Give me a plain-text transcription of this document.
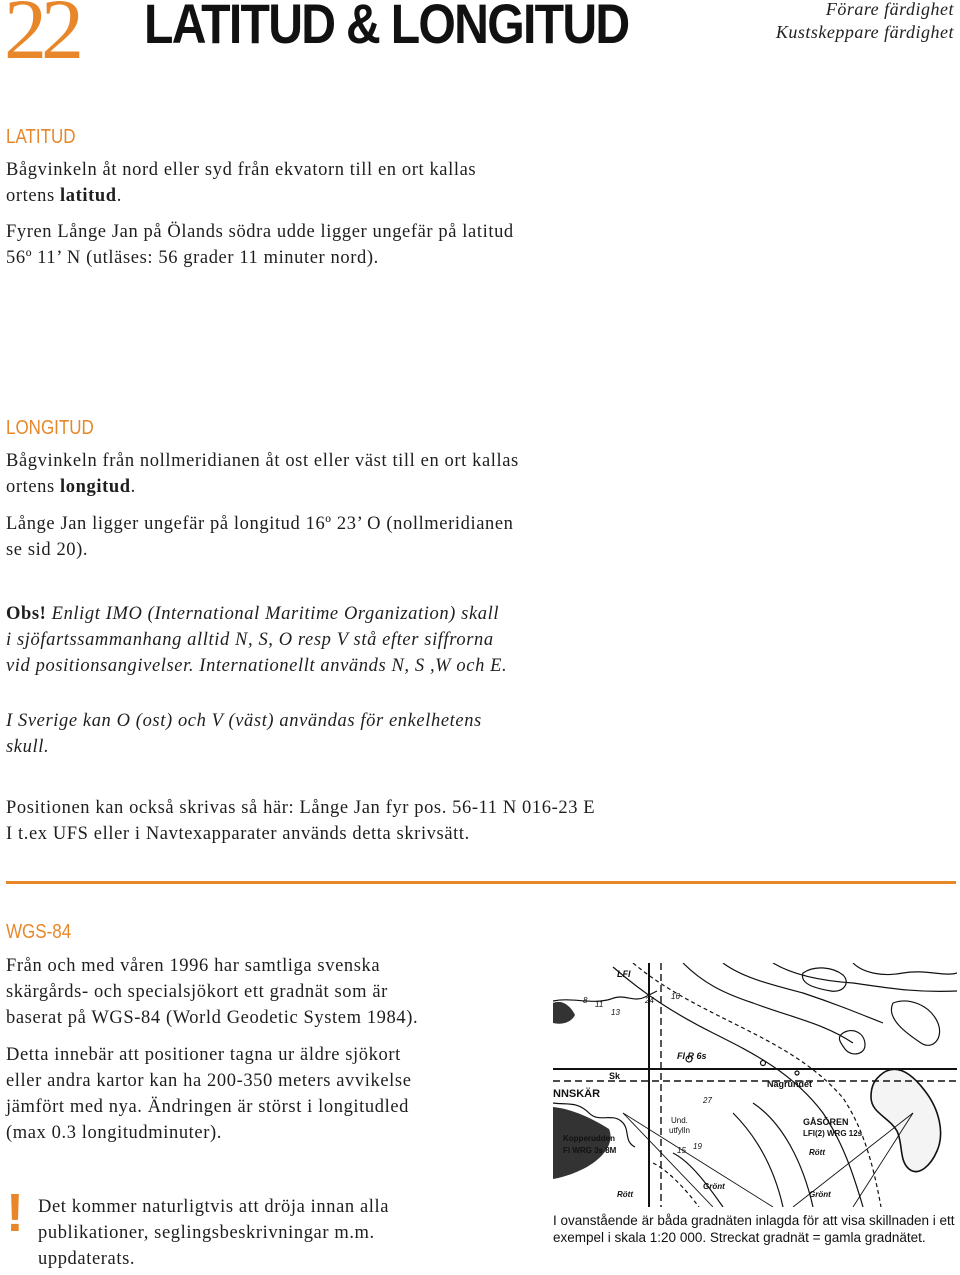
22 LATITUD & LONGITUD	Förare färdighet
Kustskeppare färdighet
LATITUD

Bågvinkeln åt nord eller syd från ekvatorn till en ort kallas
ortens latitud.

Fyren Långe Jan på Ölands södra udde ligger ungefär på latitud
56º 11’ N (utläses: 56 grader 11 minuter nord).

LONGITUD

Bågvinkeln från nollmeridianen åt ost eller väst till en ort kallas
ortens longitud.

Långe Jan ligger ungefär på longitud 16º 23’ O (nollmeridianen
se sid 20).

Obs! Enligt IMO (International Maritime Organization) skall
i sjöfartssammanhang alltid N, S, O resp V stå efter siffrorna
vid positionsangivelser. Internationellt används N, S ,W och E.

I Sverige kan O (ost) och V (väst) användas för enkelhetens
skull.

Positionen kan också skrivas så här: Långe Jan fyr pos. 56-11 N 016-23 E
I t.ex UFS eller i Navtexapparater används detta skrivsätt.

WGS-84

Från och med våren 1996 har samtliga svenska
skärgårds- och specialsjökort ett gradnät som är
baserat på WGS-84 (World Geodetic System 1984).

Detta innebär att positioner tagna ur äldre sjökort
eller andra kartor kan ha 200-350 meters avvikelse
jämfört med nya. Ändringen är störst i longitudled
(max 0.3 longitudminuter).

! Det kommer naturligtvis att dröja innan alla
publikationer, seglingsbeskrivningar m.m.
uppdaterats.

LFI
FI R 6s
Sk
Nagrundet
NNSKÄR
Kopperudden
Fl WRG 3s 8M
Und.
utfylln
Rött
Rött
Grönt
Grönt
GÅSÖREN
LFI(2) WRG 12s
8 11
13
24 16
15 19
27

I ovanstående är båda gradnäten inlagda för att visa skillnaden i ett
exempel i skala 1:20 000. Streckat gradnät = gamla gradnätet.
